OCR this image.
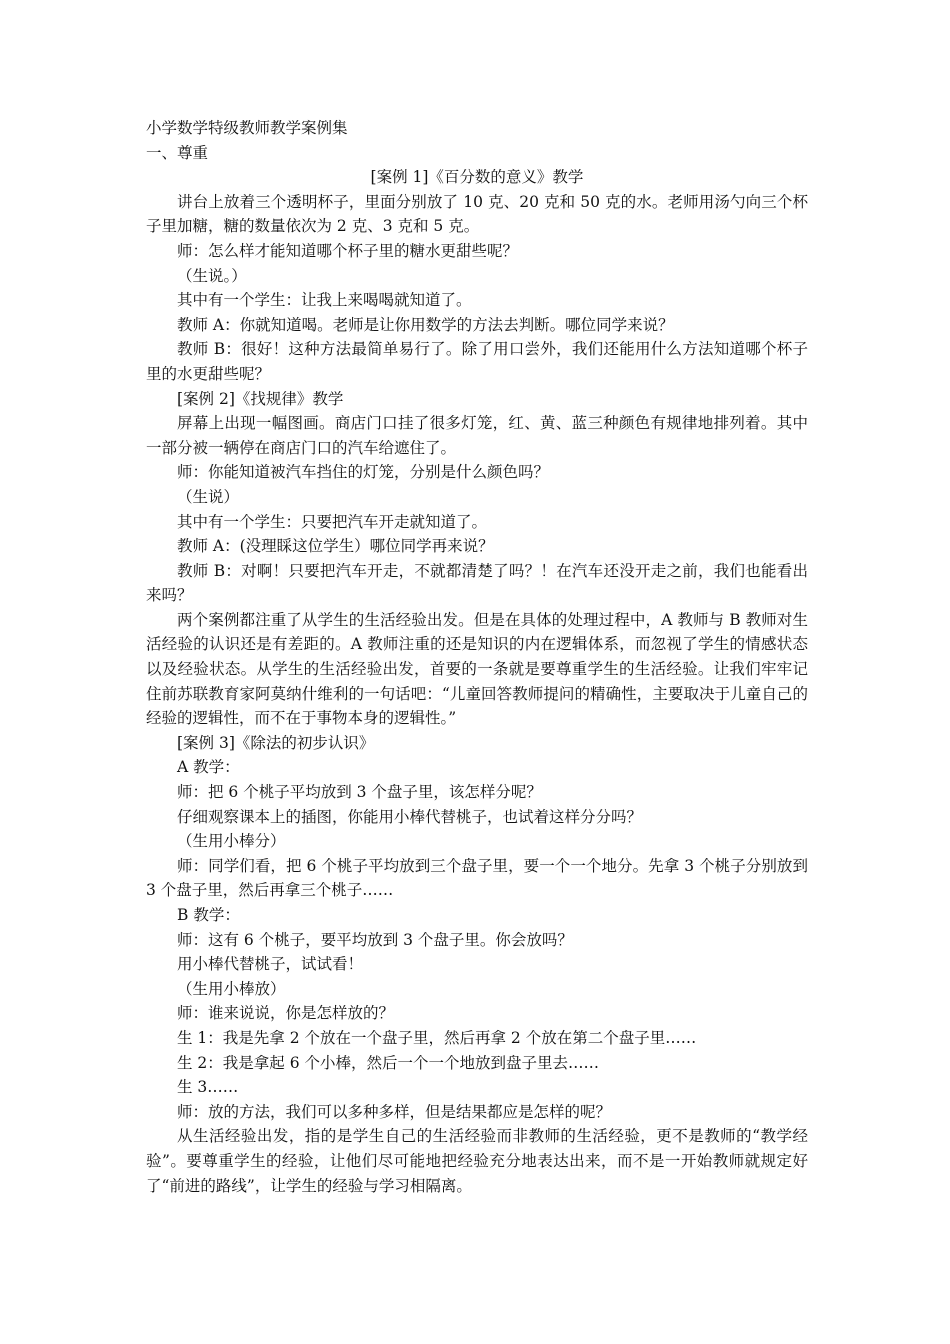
小学数学特级教师教学案例集

一、尊重

[案例 1]《百分数的意义》教学

讲台上放着三个透明杯子，里面分别放了 10 克、20 克和 50 克的水。老师用汤勺向三个杯子里加糖，糖的数量依次为 2 克、3 克和 5 克。

师：怎么样才能知道哪个杯子里的糖水更甜些呢？

（生说。）

其中有一个学生：让我上来喝喝就知道了。

教师 A：你就知道喝。老师是让你用数学的方法去判断。哪位同学来说？

教师 B：很好！这种方法最简单易行了。除了用口尝外，我们还能用什么方法知道哪个杯子里的水更甜些呢？

[案例 2]《找规律》教学

屏幕上出现一幅图画。商店门口挂了很多灯笼，红、黄、蓝三种颜色有规律地排列着。其中一部分被一辆停在商店门口的汽车给遮住了。

师：你能知道被汽车挡住的灯笼，分别是什么颜色吗？

（生说）

其中有一个学生：只要把汽车开走就知道了。

教师 A：(没理睬这位学生）哪位同学再来说？

教师 B：对啊！只要把汽车开走，不就都清楚了吗？！在汽车还没开走之前，我们也能看出来吗？

两个案例都注重了从学生的生活经验出发。但是在具体的处理过程中，A 教师与 B 教师对生活经验的认识还是有差距的。A 教师注重的还是知识的内在逻辑体系，而忽视了学生的情感状态以及经验状态。从学生的生活经验出发，首要的一条就是要尊重学生的生活经验。让我们牢牢记住前苏联教育家阿莫纳什维利的一句话吧：“儿童回答教师提问的精确性，主要取决于儿童自己的经验的逻辑性，而不在于事物本身的逻辑性。”

[案例 3]《除法的初步认识》

A 教学：

师：把 6 个桃子平均放到 3 个盘子里，该怎样分呢？

仔细观察课本上的插图，你能用小棒代替桃子，也试着这样分分吗？

（生用小棒分）

师：同学们看，把 6 个桃子平均放到三个盘子里，要一个一个地分。先拿 3 个桃子分别放到 3 个盘子里，然后再拿三个桃子……

B 教学：

师：这有 6 个桃子，要平均放到 3 个盘子里。你会放吗？

用小棒代替桃子，试试看！

（生用小棒放）

师：谁来说说，你是怎样放的？

生 1：我是先拿 2 个放在一个盘子里，然后再拿 2 个放在第二个盘子里……

生 2：我是拿起 6 个小棒，然后一个一个地放到盘子里去……

生 3……

师：放的方法，我们可以多种多样，但是结果都应是怎样的呢？

从生活经验出发，指的是学生自己的生活经验而非教师的生活经验，更不是教师的“教学经验”。要尊重学生的经验，让他们尽可能地把经验充分地表达出来，而不是一开始教师就规定好了“前进的路线”，让学生的经验与学习相隔离。
